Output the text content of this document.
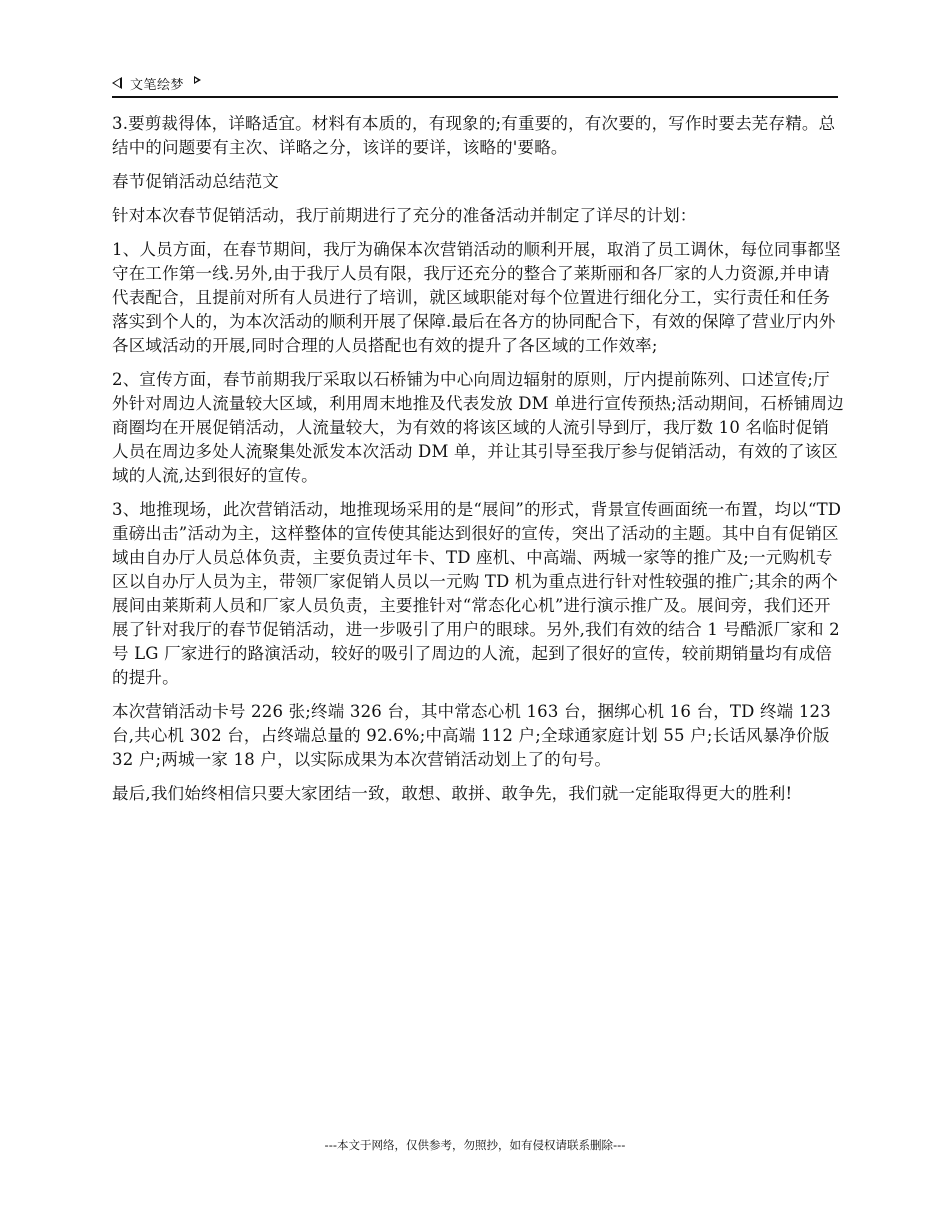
文笔绘梦

3.要剪裁得体，详略适宜。材料有本质的，有现象的;有重要的，有次要的，写作时要去芜存精。总结中的问题要有主次、详略之分，该详的要详，该略的'要略。

春节促销活动总结范文

针对本次春节促销活动，我厅前期进行了充分的准备活动并制定了详尽的计划：

1、人员方面，在春节期间，我厅为确保本次营销活动的顺利开展，取消了员工调休，每位同事都坚守在工作第一线.另外,由于我厅人员有限，我厅还充分的整合了莱斯丽和各厂家的人力资源,并申请代表配合，且提前对所有人员进行了培训，就区域职能对每个位置进行细化分工，实行责任和任务落实到个人的，为本次活动的顺利开展了保障.最后在各方的协同配合下，有效的保障了营业厅内外各区域活动的开展,同时合理的人员搭配也有效的提升了各区域的工作效率;

2、宣传方面，春节前期我厅采取以石桥铺为中心向周边辐射的原则，厅内提前陈列、口述宣传;厅外针对周边人流量较大区域，利用周末地推及代表发放 DM 单进行宣传预热;活动期间，石桥铺周边商圈均在开展促销活动，人流量较大，为有效的将该区域的人流引导到厅，我厅数 10 名临时促销人员在周边多处人流聚集处派发本次活动 DM 单，并让其引导至我厅参与促销活动，有效的了该区域的人流,达到很好的宣传。

3、地推现场，此次营销活动，地推现场采用的是“展间”的形式，背景宣传画面统一布置，均以“TD 重磅出击”活动为主，这样整体的宣传使其能达到很好的宣传，突出了活动的主题。其中自有促销区域由自办厅人员总体负责，主要负责过年卡、TD 座机、中高端、两城一家等的推广及;一元购机专区以自办厅人员为主，带领厂家促销人员以一元购 TD 机为重点进行针对性较强的推广;其余的两个展间由莱斯莉人员和厂家人员负责，主要推针对“常态化心机”进行演示推广及。展间旁，我们还开展了针对我厅的春节促销活动，进一步吸引了用户的眼球。另外,我们有效的结合 1 号酷派厂家和 2 号 LG 厂家进行的路演活动，较好的吸引了周边的人流，起到了很好的宣传，较前期销量均有成倍的提升。

本次营销活动卡号 226 张;终端 326 台，其中常态心机 163 台，捆绑心机 16 台，TD 终端 123 台,共心机 302 台，占终端总量的 92.6%;中高端 112 户;全球通家庭计划 55 户;长话风暴净价版 32 户;两城一家 18 户，以实际成果为本次营销活动划上了的句号。

最后,我们始终相信只要大家团结一致，敢想、敢拼、敢争先，我们就一定能取得更大的胜利!

---本文于网络，仅供参考，勿照抄，如有侵权请联系删除---
